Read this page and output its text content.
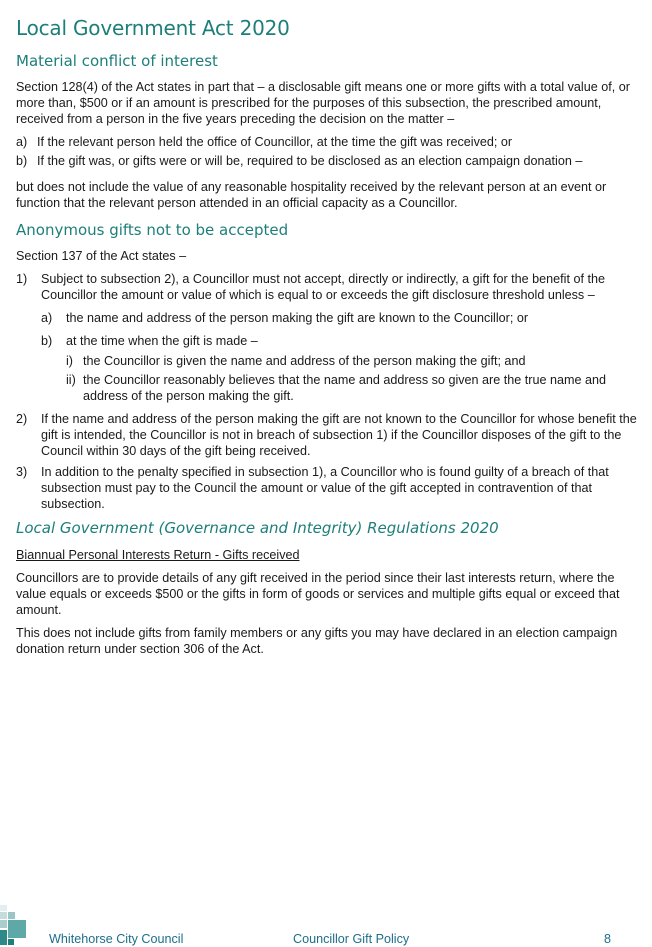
Local Government Act 2020
Material conflict of interest

Section 128(4) of the Act states in part that – a disclosable gift means one or more gifts with a total value of, or more than, $500 or if an amount is prescribed for the purposes of this subsection, the prescribed amount, received from a person in the five years preceding the decision on the matter –

a) If the relevant person held the office of Councillor, at the time the gift was received; or

b) If the gift was, or gifts were or will be, required to be disclosed as an election campaign donation –

but does not include the value of any reasonable hospitality received by the relevant person at an event or function that the relevant person attended in an official capacity as a Councillor.

Anonymous gifts not to be accepted

Section 137 of the Act states –

1) Subject to subsection 2), a Councillor must not accept, directly or indirectly, a gift for the benefit of the Councillor the amount or value of which is equal to or exceeds the gift disclosure threshold unless –

a) the name and address of the person making the gift are known to the Councillor; or

b) at the time when the gift is made –

i) the Councillor is given the name and address of the person making the gift; and

ii) the Councillor reasonably believes that the name and address so given are the true name and address of the person making the gift.

2) If the name and address of the person making the gift are not known to the Councillor for whose benefit the gift is intended, the Councillor is not in breach of subsection 1) if the Councillor disposes of the gift to the Council within 30 days of the gift being received.

3) In addition to the penalty specified in subsection 1), a Councillor who is found guilty of a breach of that subsection must pay to the Council the amount or value of the gift accepted in contravention of that subsection.

Local Government (Governance and Integrity) Regulations 2020

Biannual Personal Interests Return - Gifts received

Councillors are to provide details of any gift received in the period since their last interests return, where the value equals or exceeds $500 or the gifts in form of goods or services and multiple gifts equal or exceed that amount.

This does not include gifts from family members or any gifts you may have declared in an election campaign donation return under section 306 of the Act.

Whitehorse City Council	Councillor Gift Policy	8
